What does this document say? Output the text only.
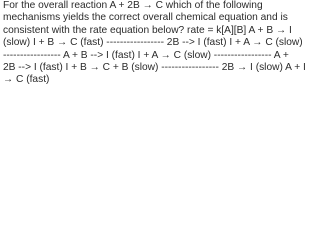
For the overall reaction A + 2B → C which of the following
mechanisms yields the correct overall chemical equation and is
consistent with the rate equation below? rate = k[A][B] A + B → I
(slow) I + B → C (fast) ----------------- 2B --> I (fast) I + A → C (slow)
----------------- A + B --> I (fast) I + A → C (slow) ----------------- A +
2B --> I (fast) I + B → C + B (slow) ----------------- 2B → I (slow) A + I
→ C (fast)
